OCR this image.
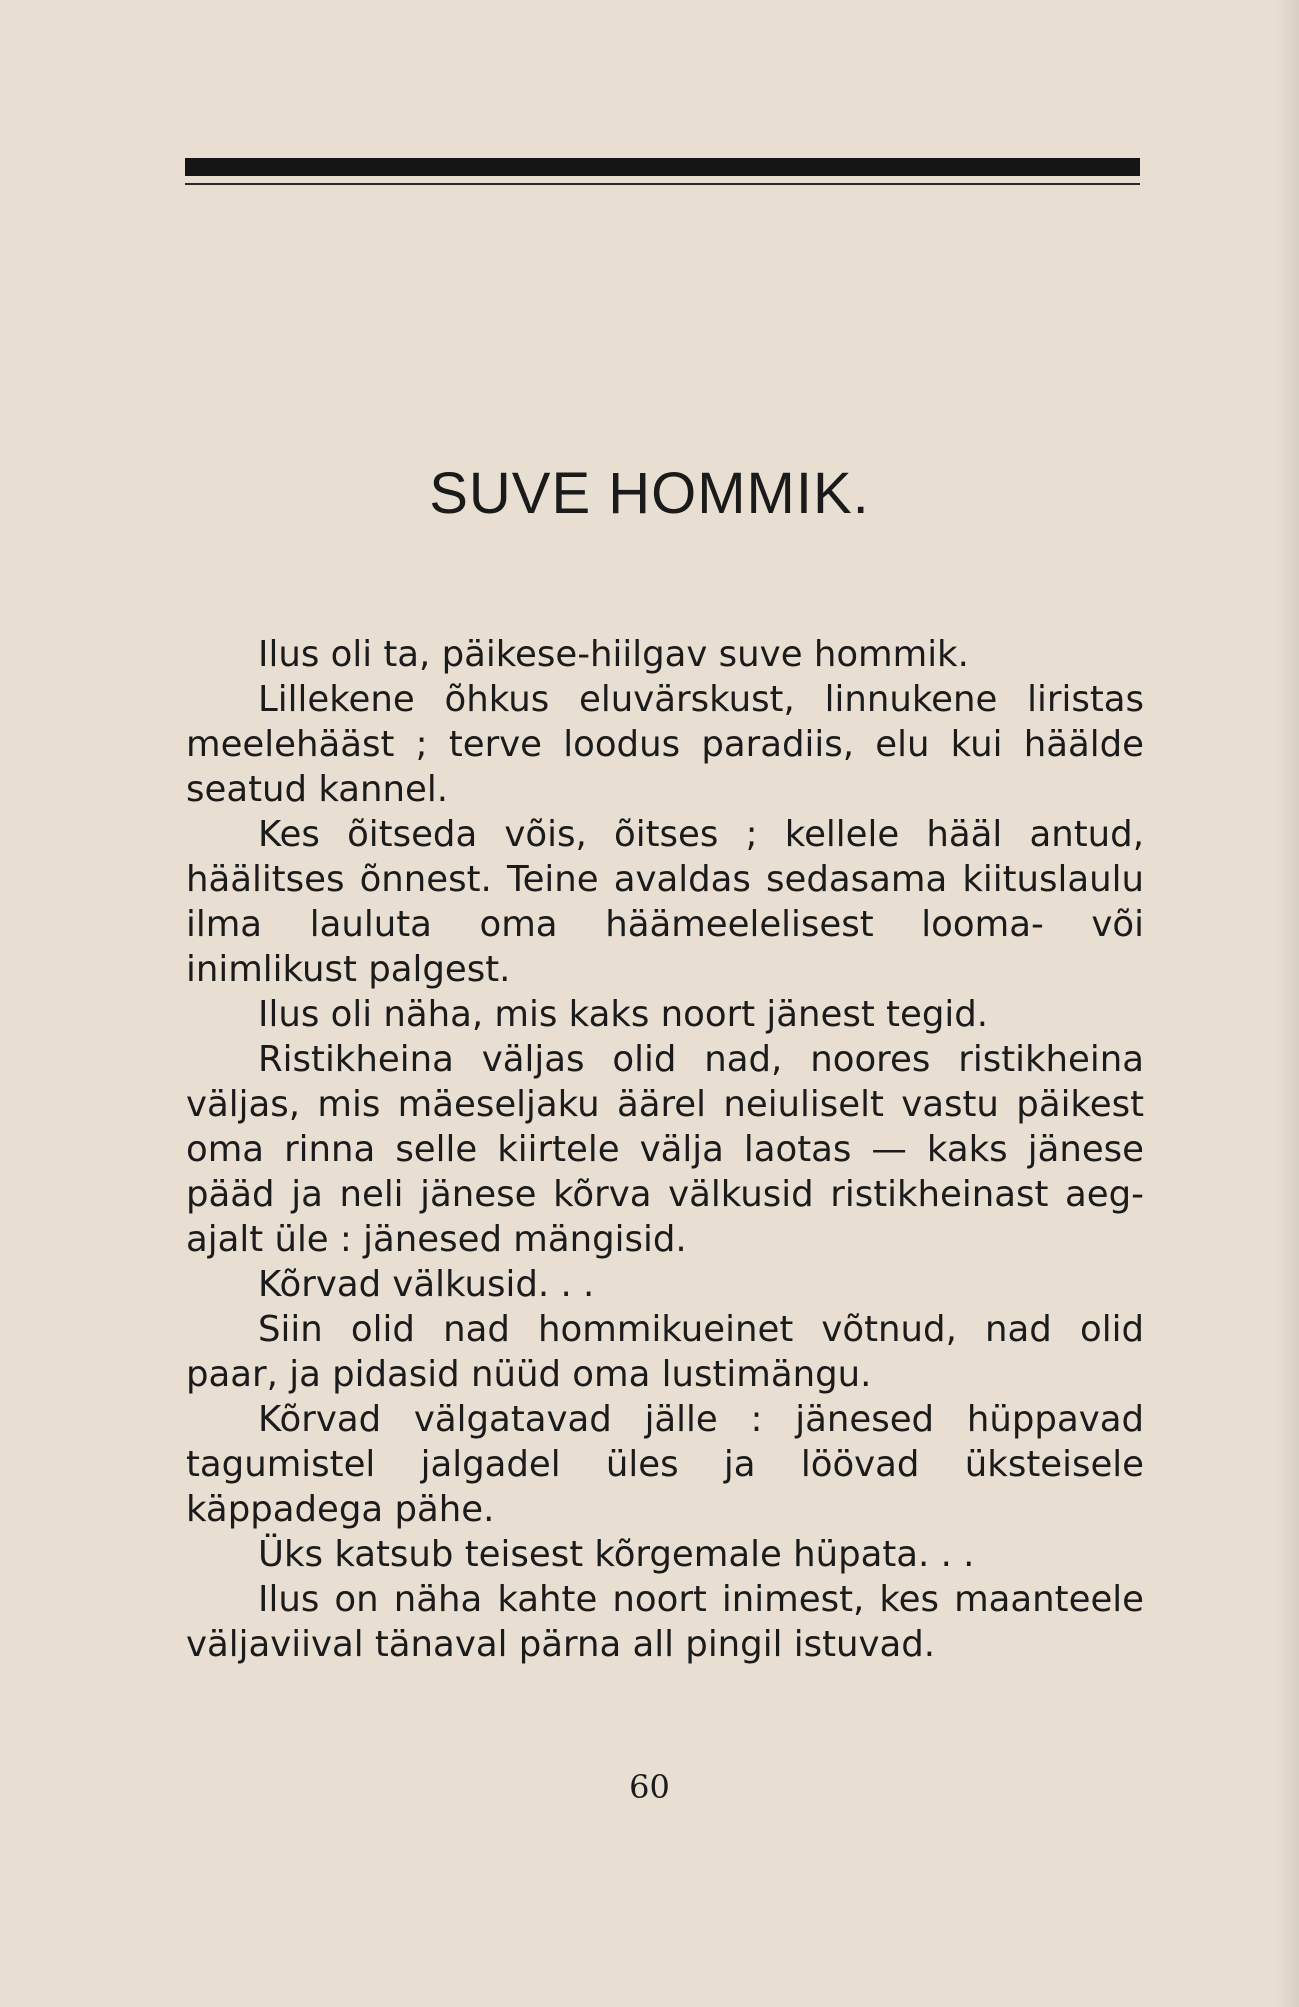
SUVE HOMMIK.

Ilus oli ta, päikese-hiilgav suve hommik.

Lillekene õhkus eluvärskust, linnukene liristas meelehääst ; terve loodus paradiis, elu kui häälde seatud kannel.

Kes õitseda võis, õitses ; kellele hääl antud, häälitses õnnest. Teine avaldas sedasama kiituslaulu ilma lauluta oma häämeelelisest looma- või inimlikust palgest.

Ilus oli näha, mis kaks noort jänest tegid.

Ristikheina väljas olid nad, noores ristikheina väljas, mis mäeseljaku äärel neiuliselt vastu päikest oma rinna selle kiirtele välja laotas — kaks jänese pääd ja neli jänese kõrva välkusid ristikheinast aeg-ajalt üle : jänesed mängisid.

Kõrvad välkusid. . .

Siin olid nad hommikueinet võtnud, nad olid paar, ja pidasid nüüd oma lustimängu.

Kõrvad välgatavad jälle : jänesed hüppavad tagumistel jalgadel üles ja löövad üksteisele käppadega pähe.

Üks katsub teisest kõrgemale hüpata. . .

Ilus on näha kahte noort inimest, kes maanteele väljaviival tänaval pärna all pingil istuvad.

60
